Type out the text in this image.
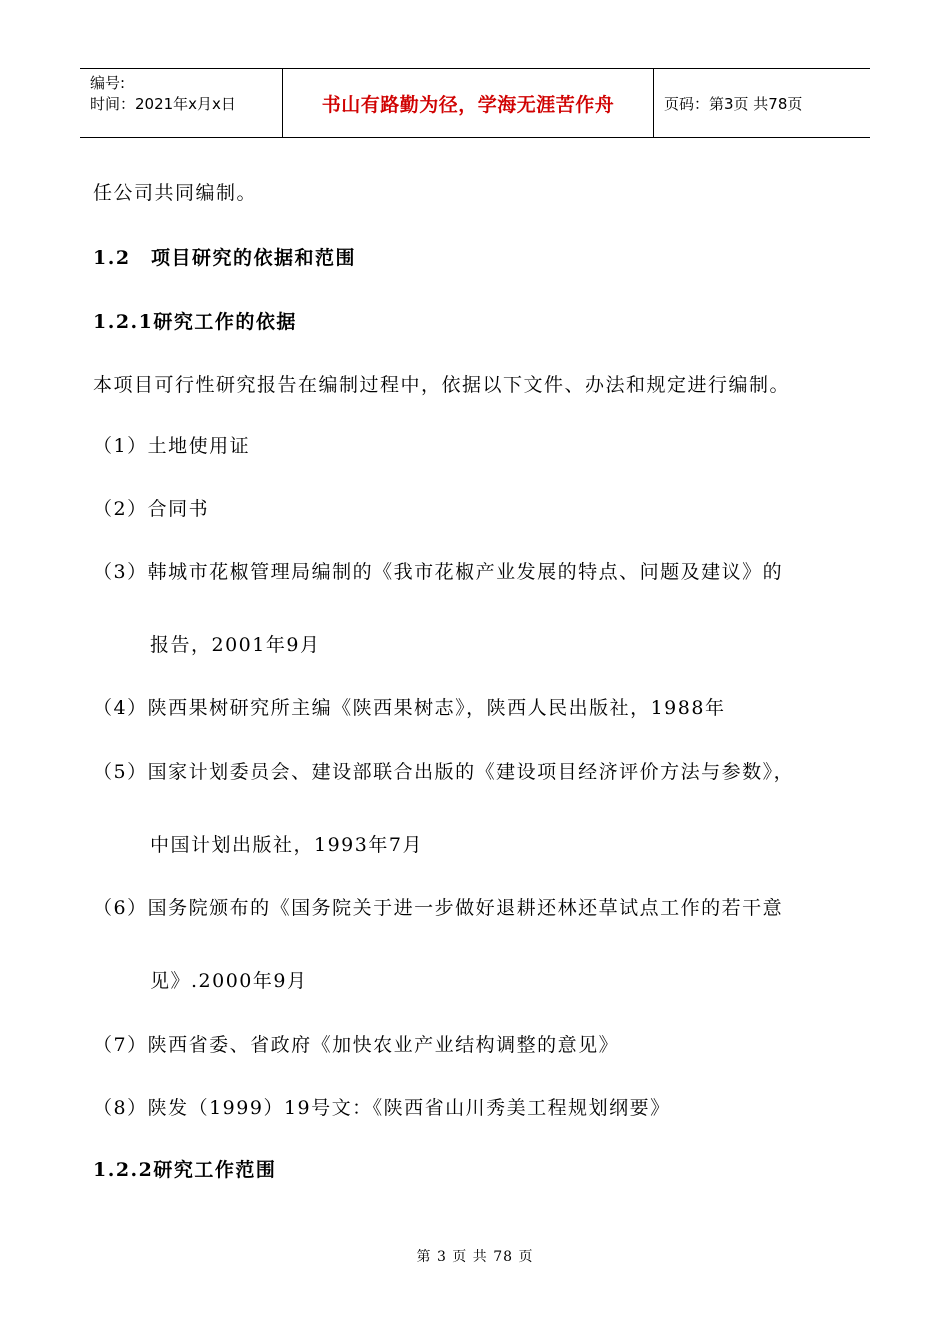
编号:
时间：2021年x月x日	书山有路勤为径，学海无涯苦作舟	页码：第3页 共78页
任公司共同编制。
1.2　项目研究的依据和范围
1.2.1研究工作的依据
本项目可行性研究报告在编制过程中，依据以下文件、办法和规定进行编制。
（1）土地使用证
（2）合同书
（3）韩城市花椒管理局编制的《我市花椒产业发展的特点、问题及建议》的
报告，2001年9月
（4）陕西果树研究所主编《陕西果树志》，陕西人民出版社，1988年
（5）国家计划委员会、建设部联合出版的《建设项目经济评价方法与参数》，
中国计划出版社，1993年7月
（6）国务院颁布的《国务院关于进一步做好退耕还林还草试点工作的若干意
见》.2000年9月
（7）陕西省委、省政府《加快农业产业结构调整的意见》
（8）陕发（1999）19号文：《陕西省山川秀美工程规划纲要》
1.2.2研究工作范围
第 3 页 共 78 页
